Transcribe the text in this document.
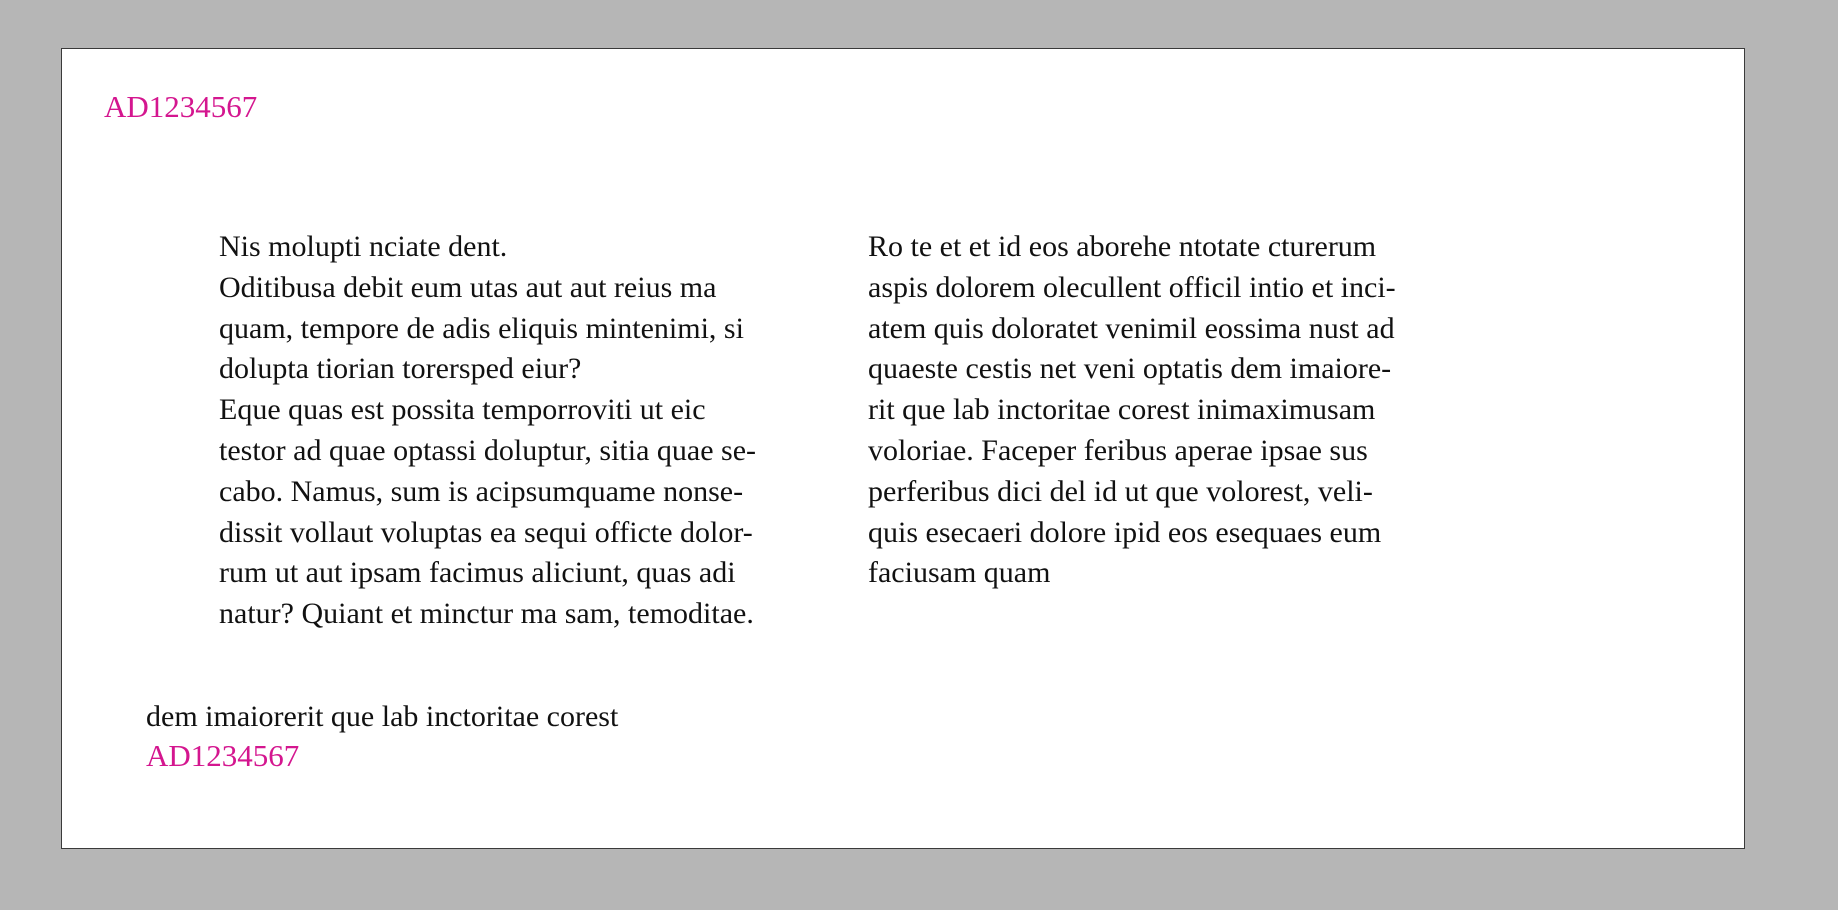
AD1234567
Nis molupti nciate dent.
Oditibusa debit eum utas aut aut reius ma
quam, tempore de adis eliquis mintenimi, si
dolupta tiorian torersped eiur?
Eque quas est possita temporroviti ut eic
testor ad quae optassi doluptur, sitia quae se-
cabo. Namus, sum is acipsumquame nonse-
dissit vollaut voluptas ea sequi officte dolor-
rum ut aut ipsam facimus aliciunt, quas adi
natur? Quiant et minctur ma sam, temoditae.
Ro te et et id eos aborehe ntotate cturerum
aspis dolorem olecullent officil intio et inci-
atem quis doloratet venimil eossima nust ad
quaeste cestis net veni optatis dem imaiore-
rit que lab inctoritae corest inimaximusam
voloriae. Faceper feribus aperae ipsae sus
perferibus dici del id ut que volorest, veli-
quis esecaeri dolore ipid eos esequaes eum
faciusam quam
dem imaiorerit que lab inctoritae corest
AD1234567
